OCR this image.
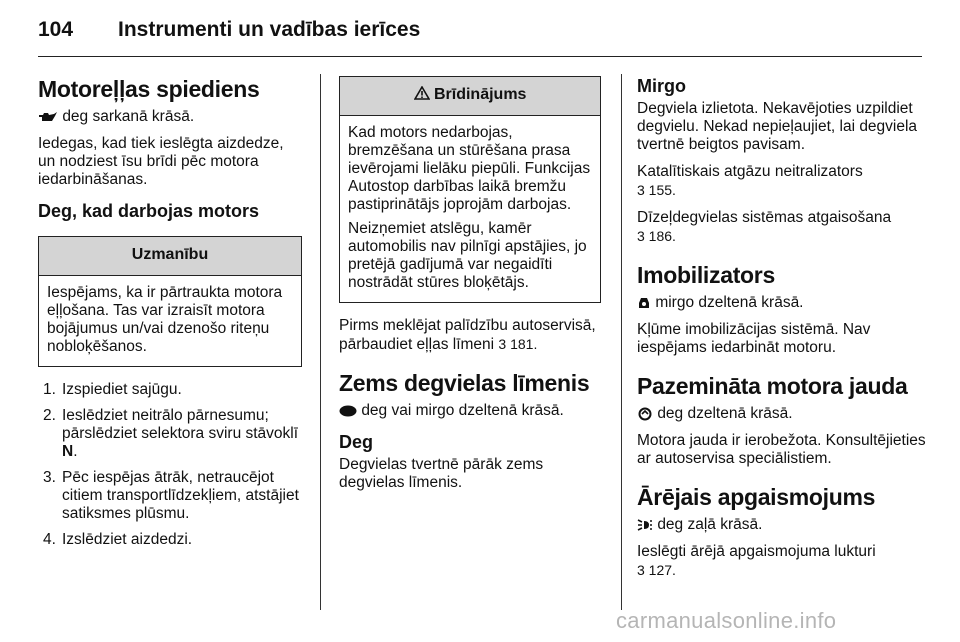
104 Instrumenti un vadības ierīces
Motoreļļas spiediens

deg sarkanā krāsā.

Iedegas, kad tiek ieslēgta aizdedze, un nodziest īsu brīdi pēc motora iedarbināšanas.

Deg, kad darbojas motors
Uzmanību

Iespējams, ka ir pārtraukta motora eļļošana. Tas var izraisīt motora bojājumus un/vai dzenošo riteņu nobloķēšanos.

1. Izspiediet sajūgu.
2. Ieslēdziet neitrālo pārnesumu; pārslēdziet selektora sviru stāvoklī N.
3. Pēc iespējas ātrāk, netraucējot citiem transportlīdzekļiem, atstājiet satiksmes plūsmu.
4. Izslēdziet aizdedzi.
Brīdinājums

Kad motors nedarbojas, bremzēšana un stūrēšana prasa ievērojami lielāku piepūli. Funkcijas Autostop darbības laikā bremžu pastiprinātājs joprojām darbojas.

Neizņemiet atslēgu, kamēr automobilis nav pilnīgi apstājies, jo pretējā gadījumā var negaidīti nostrādāt stūres bloķētājs.

Pirms meklējat palīdzību autoservisā, pārbaudiet eļļas līmeni 3 181.

Zems degvielas līmenis

deg vai mirgo dzeltenā krāsā.

Deg

Degvielas tvertnē pārāk zems degvielas līmenis.

Mirgo

Degviela izlietota. Nekavējoties uzpildiet degvielu. Nekad nepieļaujiet, lai degviela tvertnē beigtos pavisam.

Katalītiskais atgāzu neitralizators
3 155.

Dīzeļdegvielas sistēmas atgaisošana
3 186.

Imobilizators

mirgo dzeltenā krāsā.

Kļūme imobilizācijas sistēmā. Nav iespējams iedarbināt motoru.

Pazemināta motora jauda

deg dzeltenā krāsā.

Motora jauda ir ierobežota. Konsultējieties ar autoservisa speciālistiem.

Ārējais apgaismojums

deg zaļā krāsā.

Ieslēgti ārējā apgaismojuma lukturi
3 127.

carmanualsonline.info
